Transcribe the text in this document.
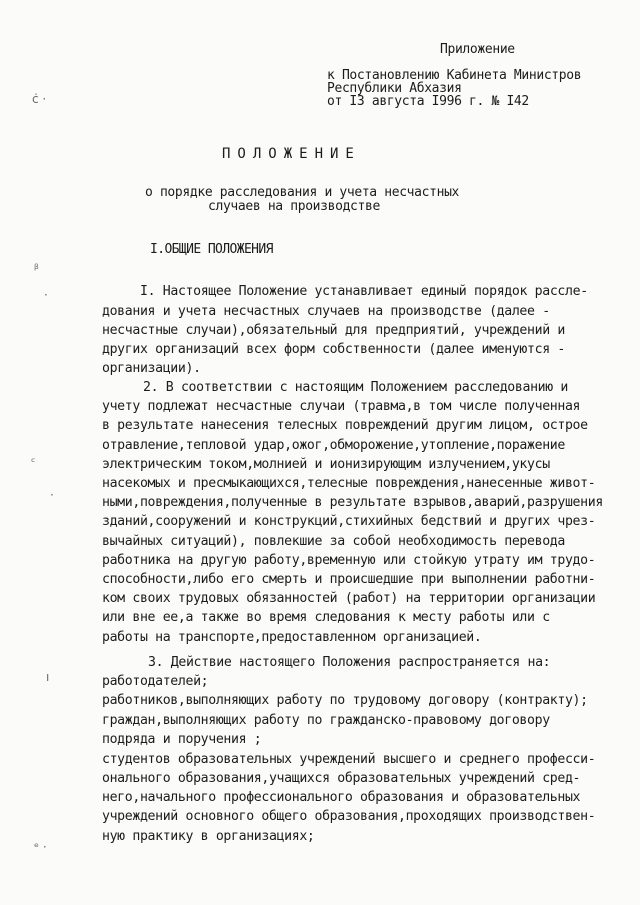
Приложение
к Постановлению Кабинета Министров
Республики Абхазия
от I3 августа I996 г. № I42
ПОЛОЖЕНИЕ
о порядке расследования и учета несчастных
случаев на производстве
I.ОБЩИЕ ПОЛОЖЕНИЯ
I. Настоящее Положение устанавливает единый порядок рассле-
дования и учета несчастных случаев на производстве (далее -
несчастные случаи),обязательный для предприятий, учреждений и
других организаций всех форм собственности (далее именуются -
организации).
2. В соответствии с настоящим Положением расследованию и
учету подлежат несчастные случаи (травма,в том числе полученная
в результате нанесения телесных повреждений другим лицом, острое
отравление,тепловой удар,ожог,обморожение,утопление,поражение
электрическим током,молнией и ионизирующим излучением,укусы
насекомых и пресмыкающихся,телесные повреждения,нанесенные живот-
ными,повреждения,полученные в результате взрывов,аварий,разрушения
зданий,сооружений и конструкций,стихийных бедствий и других чрез-
вычайных ситуаций), повлекшие за собой необходимость перевода
работника на другую работу,временную или стойкую утрату им трудо-
способности,либо его смерть и происшедшие при выполнении работни-
ком своих трудовых обязанностей (работ) на территории организации
или вне ее,а также во время следования к месту работы или с
работы на транспорте,предоставленном организацией.
3. Действие настоящего Положения распространяется на:
работодателей;
работников,выполняющих работу по трудовому договору (контракту);
граждан,выполняющих работу по гражданско-правовому договору
подряда и поручения ;
студентов образовательных учреждений высшего и среднего професси-
онального образования,учащихся образовательных учреждений сред-
него,начального профессионального образования и образовательных
учреждений основного общего образования,проходящих производствен-
ную практику в организациях;
ċ ·
ᵦ
·
ᶜ
·
ı
ᵉ ·
